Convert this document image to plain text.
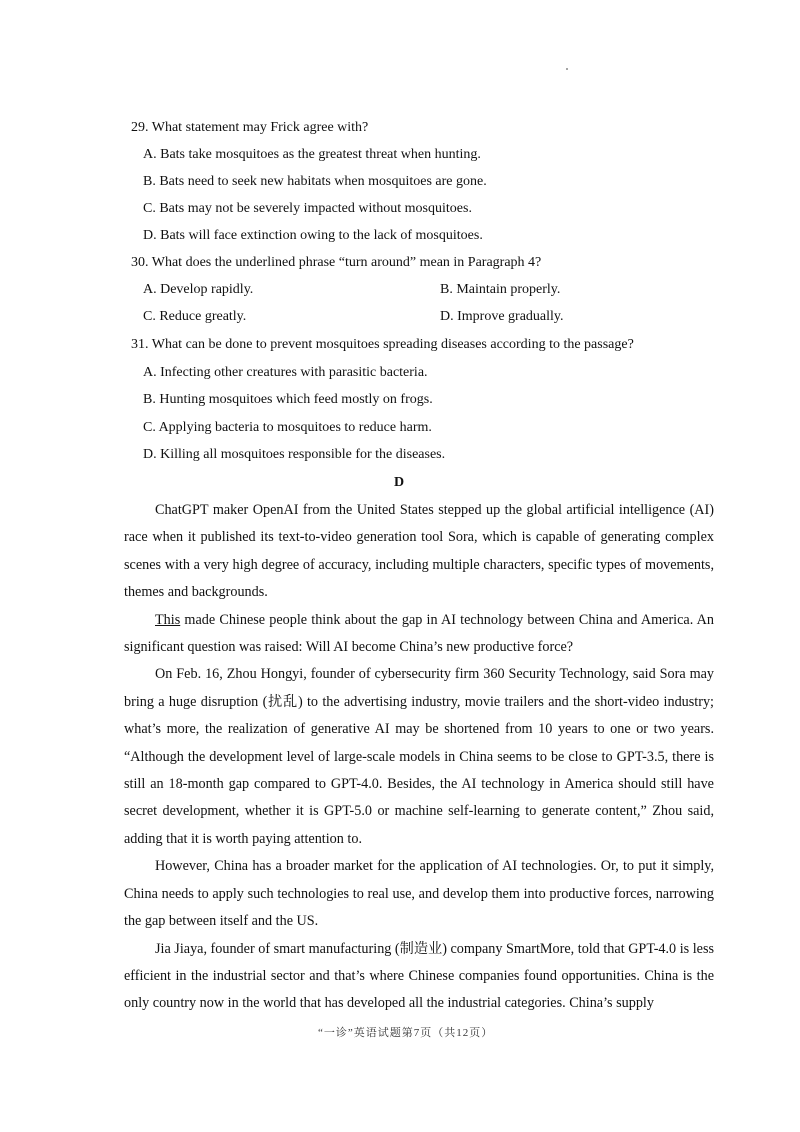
29. What statement may Frick agree with?
A. Bats take mosquitoes as the greatest threat when hunting.
B. Bats need to seek new habitats when mosquitoes are gone.
C. Bats may not be severely impacted without mosquitoes.
D. Bats will face extinction owing to the lack of mosquitoes.
30. What does the underlined phrase “turn around” mean in Paragraph 4?
A. Develop rapidly.	B. Maintain properly.
C. Reduce greatly.	D. Improve gradually.
31. What can be done to prevent mosquitoes spreading diseases according to the passage?
A. Infecting other creatures with parasitic bacteria.
B. Hunting mosquitoes which feed mostly on frogs.
C. Applying bacteria to mosquitoes to reduce harm.
D. Killing all mosquitoes responsible for the diseases.
D

ChatGPT maker OpenAI from the United States stepped up the global artificial intelligence (AI) race when it published its text-to-video generation tool Sora, which is capable of generating complex scenes with a very high degree of accuracy, including multiple characters, specific types of movements, themes and backgrounds.

This made Chinese people think about the gap in AI technology between China and America. An significant question was raised: Will AI become China’s new productive force?

On Feb. 16, Zhou Hongyi, founder of cybersecurity firm 360 Security Technology, said Sora may bring a huge disruption (扰乱) to the advertising industry, movie trailers and the short-video industry; what’s more, the realization of generative AI may be shortened from 10 years to one or two years. “Although the development level of large-scale models in China seems to be close to GPT-3.5, there is still an 18-month gap compared to GPT-4.0. Besides, the AI technology in America should still have secret development, whether it is GPT-5.0 or machine self-learning to generate content,” Zhou said, adding that it is worth paying attention to.

However, China has a broader market for the application of AI technologies. Or, to put it simply, China needs to apply such technologies to real use, and develop them into productive forces, narrowing the gap between itself and the US.

Jia Jiaya, founder of smart manufacturing (制造业) company SmartMore, told that GPT-4.0 is less efficient in the industrial sector and that’s where Chinese companies found opportunities. China is the only country now in the world that has developed all the industrial categories. China’s supply

“一诊”英语试题第7页（共12页）
